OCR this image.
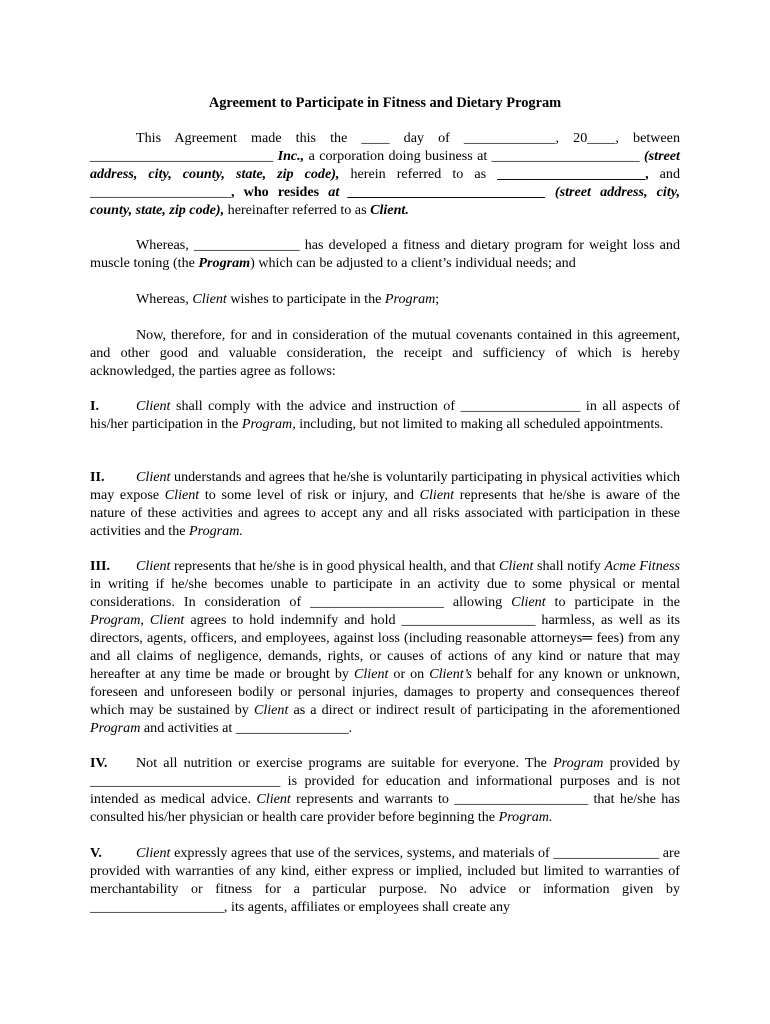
Agreement to Participate in Fitness and Dietary Program
This Agreement made this the ____ day of _____________, 20____, between __________________________ Inc., a corporation doing business at _____________________ (street address, city, county, state, zip code), herein referred to as _____________________, and ____________________, who resides at ____________________________ (street address, city, county, state, zip code), hereinafter referred to as Client.
Whereas, _______________ has developed a fitness and dietary program for weight loss and muscle toning (the Program) which can be adjusted to a client’s individual needs; and
Whereas, Client wishes to participate in the Program;
Now, therefore, for and in consideration of the mutual covenants contained in this agreement, and other good and valuable consideration, the receipt and sufficiency of which is hereby acknowledged, the parties agree as follows:
I.	Client shall comply with the advice and instruction of _________________ in all aspects of his/her participation in the Program, including, but not limited to making all scheduled appointments.
II. Client understands and agrees that he/she is voluntarily participating in physical activities which may expose Client to some level of risk or injury, and Client represents that he/she is aware of the nature of these activities and agrees to accept any and all risks associated with participation in these activities and the Program.
III. Client represents that he/she is in good physical health, and that Client shall notify Acme Fitness in writing if he/she becomes unable to participate in an activity due to some physical or mental considerations. In consideration of ___________________ allowing Client to participate in the Program, Client agrees to hold indemnify and hold ___________________ harmless, as well as its directors, agents, officers, and employees, against loss (including reasonable attorneys═ fees) from any and all claims of negligence, demands, rights, or causes of actions of any kind or nature that may hereafter at any time be made or brought by Client or on Client’s behalf for any known or unknown, foreseen and unforeseen bodily or personal injuries, damages to property and consequences thereof which may be sustained by Client as a direct or indirect result of participating in the aforementioned Program and activities at ________________.
IV. Not all nutrition or exercise programs are suitable for everyone. The Program provided by ___________________________ is provided for education and informational purposes and is not intended as medical advice. Client represents and warrants to ___________________ that he/she has consulted his/her physician or health care provider before beginning the Program.
V. Client expressly agrees that use of the services, systems, and materials of _______________ are provided with warranties of any kind, either express or implied, included but limited to warranties of merchantability or fitness for a particular purpose. No advice or information given by ___________________, its agents, affiliates or employees shall create any
